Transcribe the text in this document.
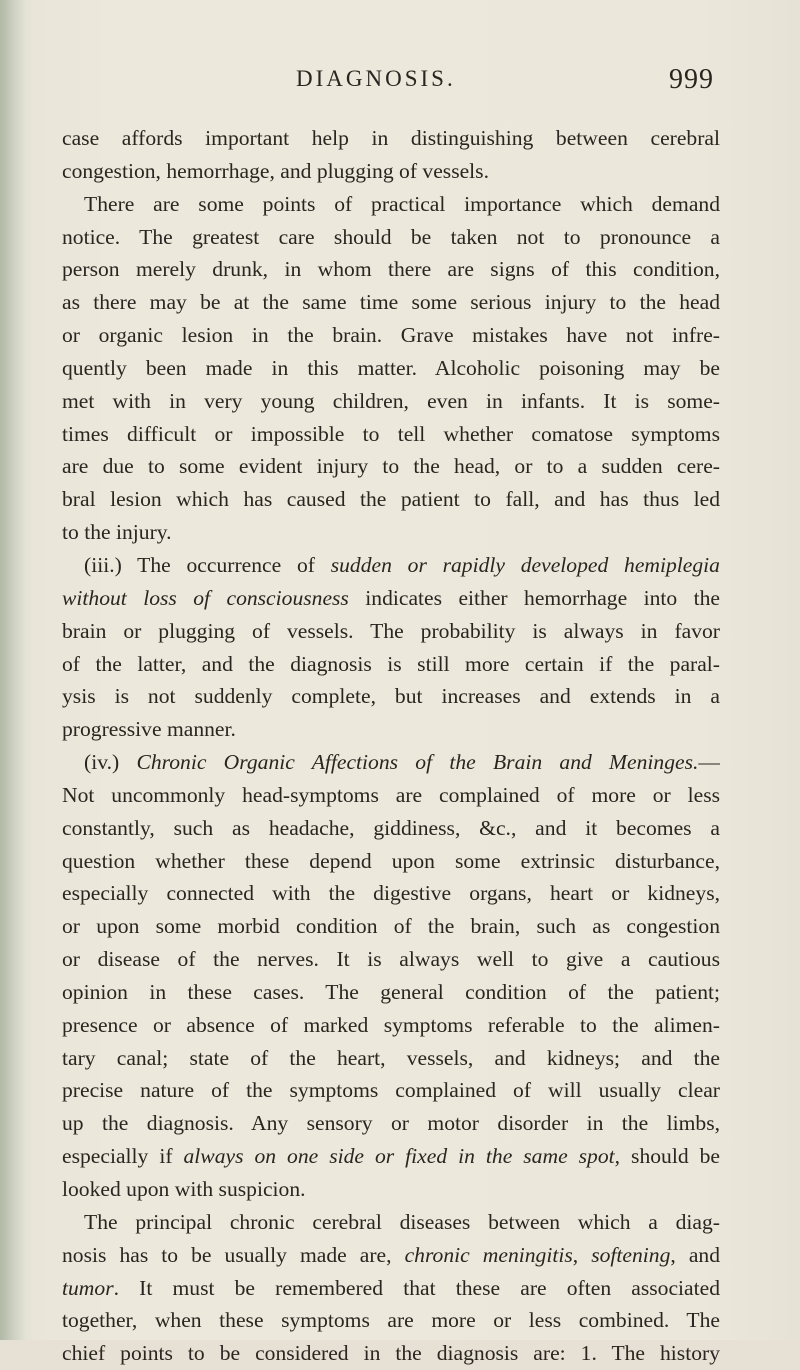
DIAGNOSIS.	999
case affords important help in distinguishing between cerebral
congestion, hemorrhage, and plugging of vessels.
There are some points of practical importance which demand
notice. The greatest care should be taken not to pronounce a
person merely drunk, in whom there are signs of this condition,
as there may be at the same time some serious injury to the head
or organic lesion in the brain. Grave mistakes have not infre-
quently been made in this matter. Alcoholic poisoning may be
met with in very young children, even in infants. It is some-
times difficult or impossible to tell whether comatose symptoms
are due to some evident injury to the head, or to a sudden cere-
bral lesion which has caused the patient to fall, and has thus led
to the injury.
(iii.) The occurrence of sudden or rapidly developed hemiplegia
without loss of consciousness indicates either hemorrhage into the
brain or plugging of vessels. The probability is always in favor
of the latter, and the diagnosis is still more certain if the paral-
ysis is not suddenly complete, but increases and extends in a
progressive manner.
(iv.) Chronic Organic Affections of the Brain and Meninges.—
Not uncommonly head-symptoms are complained of more or less
constantly, such as headache, giddiness, &c., and it becomes a
question whether these depend upon some extrinsic disturbance,
especially connected with the digestive organs, heart or kidneys,
or upon some morbid condition of the brain, such as congestion
or disease of the nerves. It is always well to give a cautious
opinion in these cases. The general condition of the patient;
presence or absence of marked symptoms referable to the alimen-
tary canal; state of the heart, vessels, and kidneys; and the
precise nature of the symptoms complained of will usually clear
up the diagnosis. Any sensory or motor disorder in the limbs,
especially if always on one side or fixed in the same spot, should be
looked upon with suspicion.
The principal chronic cerebral diseases between which a diag-
nosis has to be usually made are, chronic meningitis, softening, and
tumor. It must be remembered that these are often associated
together, when these symptoms are more or less combined. The
chief points to be considered in the diagnosis are: 1. The history
